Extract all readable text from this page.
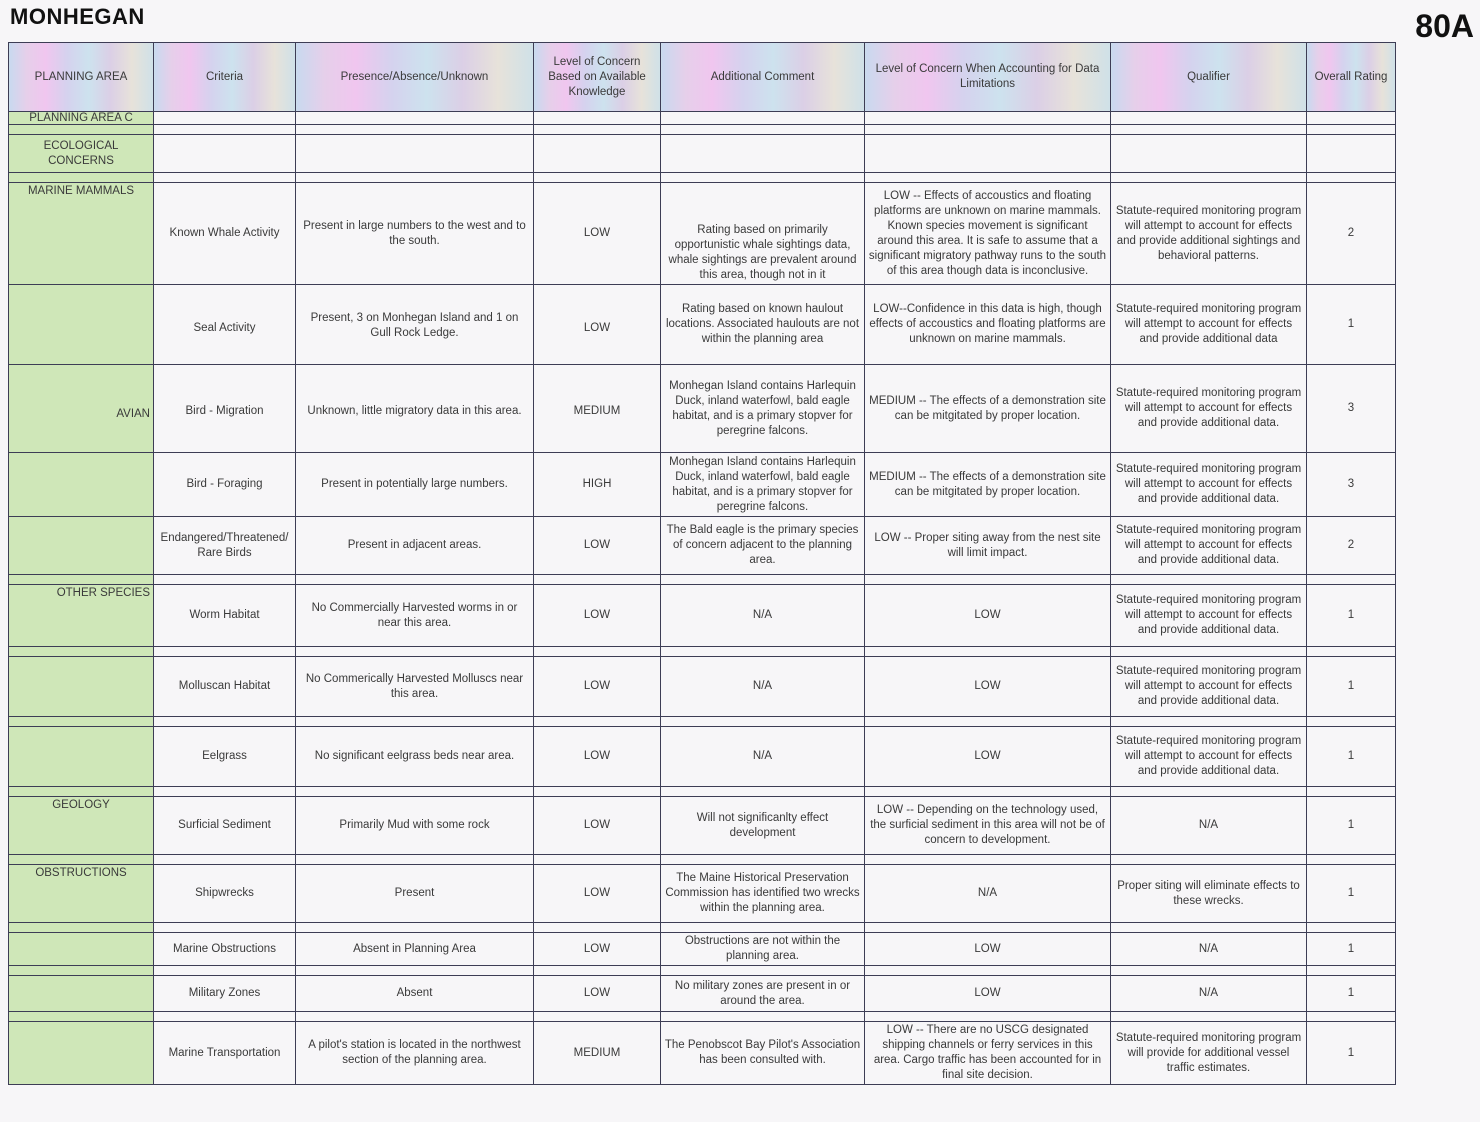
MONHEGAN	80A
PLANNING AREA	Criteria	Presence/Absence/Unknown	Level of Concern Based on Available Knowledge	Additional Comment	Level of Concern When Accounting for Data Limitations	Qualifier	Overall Rating
PLANNING AREA C							

ECOLOGICAL CONCERNS							

MARINE MAMMALS	Known Whale Activity	Present in large numbers to the west and to the south.	LOW	Rating based on primarily opportunistic whale sightings data, whale sightings are prevalent around this area, though not in it	LOW -- Effects of accoustics and floating platforms are unknown on marine mammals. Known species movement is significant around this area. It is safe to assume that a significant migratory pathway runs to the south of this area though data is inconclusive.	Statute-required monitoring program will attempt to account for effects and provide additional sightings and behavioral patterns.	2
	Seal Activity	Present, 3 on Monhegan Island and 1 on Gull Rock Ledge.	LOW	Rating based on known haulout locations. Associated haulouts are not within the planning area	LOW--Confidence in this data is high, though effects of accoustics and floating platforms are unknown on marine mammals.	Statute-required monitoring program will attempt to account for effects and provide additional data	1
AVIAN	Bird - Migration	Unknown, little migratory data in this area.	MEDIUM	Monhegan Island contains Harlequin Duck, inland waterfowl, bald eagle habitat, and is a primary stopver for peregrine falcons.	MEDIUM -- The effects of a demonstration site can be mitgitated by proper location.	Statute-required monitoring program will attempt to account for effects and provide additional data.	3
	Bird - Foraging	Present in potentially large numbers.	HIGH	Monhegan Island contains Harlequin Duck, inland waterfowl, bald eagle habitat, and is a primary stopver for peregrine falcons.	MEDIUM -- The effects of a demonstration site can be mitgitated by proper location.	Statute-required monitoring program will attempt to account for effects and provide additional data.	3
	Endangered/Threatened/ Rare Birds	Present in adjacent areas.	LOW	The Bald eagle is the primary species of concern adjacent to the planning area.	LOW -- Proper siting away from the nest site will limit impact.	Statute-required monitoring program will attempt to account for effects and provide additional data.	2

OTHER SPECIES	Worm Habitat	No Commercially Harvested worms in or near this area.	LOW	N/A	LOW	Statute-required monitoring program will attempt to account for effects and provide additional data.	1

	Molluscan Habitat	No Commerically Harvested Molluscs near this area.	LOW	N/A	LOW	Statute-required monitoring program will attempt to account for effects and provide additional data.	1

	Eelgrass	No significant eelgrass beds near area.	LOW	N/A	LOW	Statute-required monitoring program will attempt to account for effects and provide additional data.	1

GEOLOGY	Surficial Sediment	Primarily Mud with some rock	LOW	Will not significanlty effect development	LOW -- Depending on the technology used, the surficial sediment in this area will not be of concern to development.	N/A	1

OBSTRUCTIONS	Shipwrecks	Present	LOW	The Maine Historical Preservation Commission has identified two wrecks within the planning area.	N/A	Proper siting will eliminate effects to these wrecks.	1

	Marine Obstructions	Absent in Planning Area	LOW	Obstructions are not within the planning area.	LOW	N/A	1

	Military Zones	Absent	LOW	No military zones are present in or around the area.	LOW	N/A	1

	Marine Transportation	A pilot's station is located in the northwest section of the planning area.	MEDIUM	The Penobscot Bay Pilot's Association has been consulted with.	LOW -- There are no USCG designated shipping channels or ferry services in this area. Cargo traffic has been accounted for in final site decision.	Statute-required monitoring program will provide for additional vessel traffic estimates.	1
